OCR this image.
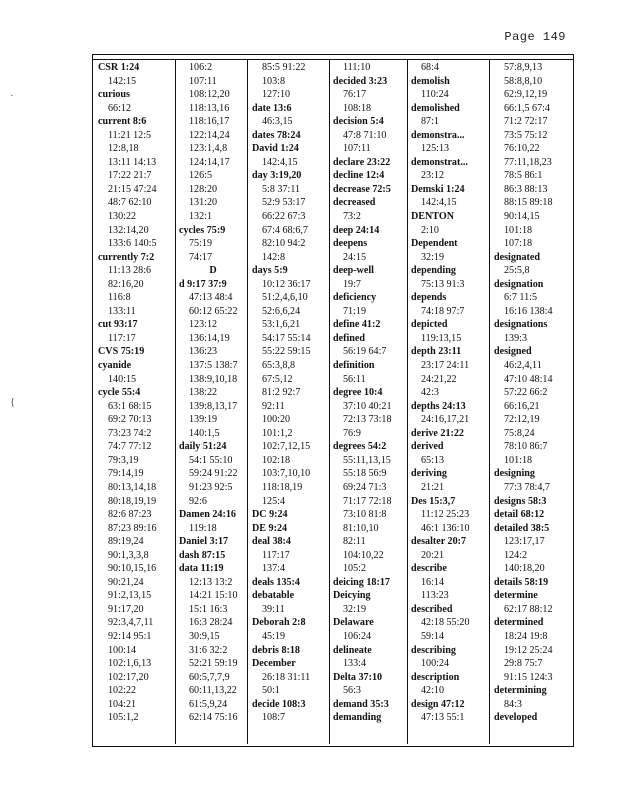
Page 149
·
{
CSR 1:24
142:15
curious
66:12
current 8:6
11:21 12:5
12:8,18
13:11 14:13
17:22 21:7
21:15 47:24
48:7 62:10
130:22
132:14,20
133:6 140:5
currently 7:2
11:13 28:6
82:16,20
116:8
133:11
cut 93:17
117:17
CVS 75:19
cyanide
140:15
cycle 55:4
63:1 68:15
69:2 70:13
73:23 74:2
74:7 77:12
79:3,19
79:14,19
80:13,14,18
80:18,19,19
82:6 87:23
87:23 89:16
89:19,24
90:1,3,3,8
90:10,15,16
90:21,24
91:2,13,15
91:17,20
92:3,4,7,11
92:14 95:1
100:14
102:1,6,13
102:17,20
102:22
104:21
105:1,2
106:2
107:11
108:12,20
118:13,16
118:16,17
122:14,24
123:1,4,8
124:14,17
126:5
128:20
131:20
132:1
cycles 75:9
75:19
74:17
D
d 9:17 37:9
47:13 48:4
60:12 65:22
123:12
136:14,19
136:23
137:5 138:7
138:9,10,18
138:22
139:8,13,17
139:19
140:1,5
daily 51:24
54:1 55:10
59:24 91:22
91:23 92:5
92:6
Damen 24:16
119:18
Daniel 3:17
dash 87:15
data 11:19
12:13 13:2
14:21 15:10
15:1 16:3
16:3 28:24
30:9,15
31:6 32:2
52:21 59:19
60:5,7,7,9
60:11,13,22
61:5,9,24
62:14 75:16
85:5 91:22
103:8
127:10
date 13:6
46:3,15
dates 78:24
David 1:24
142:4,15
day 3:19,20
5:8 37:11
52:9 53:17
66:22 67:3
67:4 68:6,7
82:10 94:2
142:8
days 5:9
10:12 36:17
51:2,4,6,10
52:6,6,24
53:1,6,21
54:17 55:14
55:22 59:15
65:3,8,8
67:5,12
81:2 92:7
92:11
100:20
101:1,2
102:7,12,15
102:18
103:7,10,10
118:18,19
125:4
DC 9:24
DE 9:24
deal 38:4
117:17
137:4
deals 135:4
debatable
39:11
Deborah 2:8
45:19
debris 8:18
December
26:18 31:11
50:1
decide 108:3
108:7
111:10
decided 3:23
76:17
108:18
decision 5:4
47:8 71:10
107:11
declare 23:22
decline 12:4
decrease 72:5
decreased
73:2
deep 24:14
deepens
24:15
deep-well
19:7
deficiency
71:19
define 41:2
defined
56:19 64:7
definition
56:11
degree 10:4
37:10 40:21
72:13 73:18
76:9
degrees 54:2
55:11,13,15
55:18 56:9
69:24 71:3
71:17 72:18
73:10 81:8
81:10,10
82:11
104:10,22
105:2
deicing 18:17
Deicying
32:19
Delaware
106:24
delineate
133:4
Delta 37:10
56:3
demand 35:3
demanding
68:4
demolish
110:24
demolished
87:1
demonstra...
125:13
demonstrat...
23:12
Demski 1:24
142:4,15
DENTON
2:10
Dependent
32:19
depending
75:13 91:3
depends
74:18 97:7
depicted
119:13,15
depth 23:11
23:17 24:11
24:21,22
42:3
depths 24:13
24:16,17,21
derive 21:22
derived
65:13
deriving
21:21
Des 15:3,7
11:12 25:23
46:1 136:10
desalter 20:7
20:21
describe
16:14
113:23
described
42:18 55:20
59:14
describing
100:24
description
42:10
design 47:12
47:13 55:1
57:8,9,13
58:8,8,10
62:9,12,19
66:1,5 67:4
71:2 72:17
73:5 75:12
76:10,22
77:11,18,23
78:5 86:1
86:3 88:13
88:15 89:18
90:14,15
101:18
107:18
designated
25:5,8
designation
6:7 11:5
16:16 138:4
designations
139:3
designed
46:2,4,11
47:10 48:14
57:22 66:2
66:16,21
72:12,19
75:8,24
78:10 86:7
101:18
designing
77:3 78:4,7
designs 58:3
detail 68:12
detailed 38:5
123:17,17
124:2
140:18,20
details 58:19
determine
62:17 88:12
determined
18:24 19:8
19:12 25:24
29:8 75:7
91:15 124:3
determining
84:3
developed
